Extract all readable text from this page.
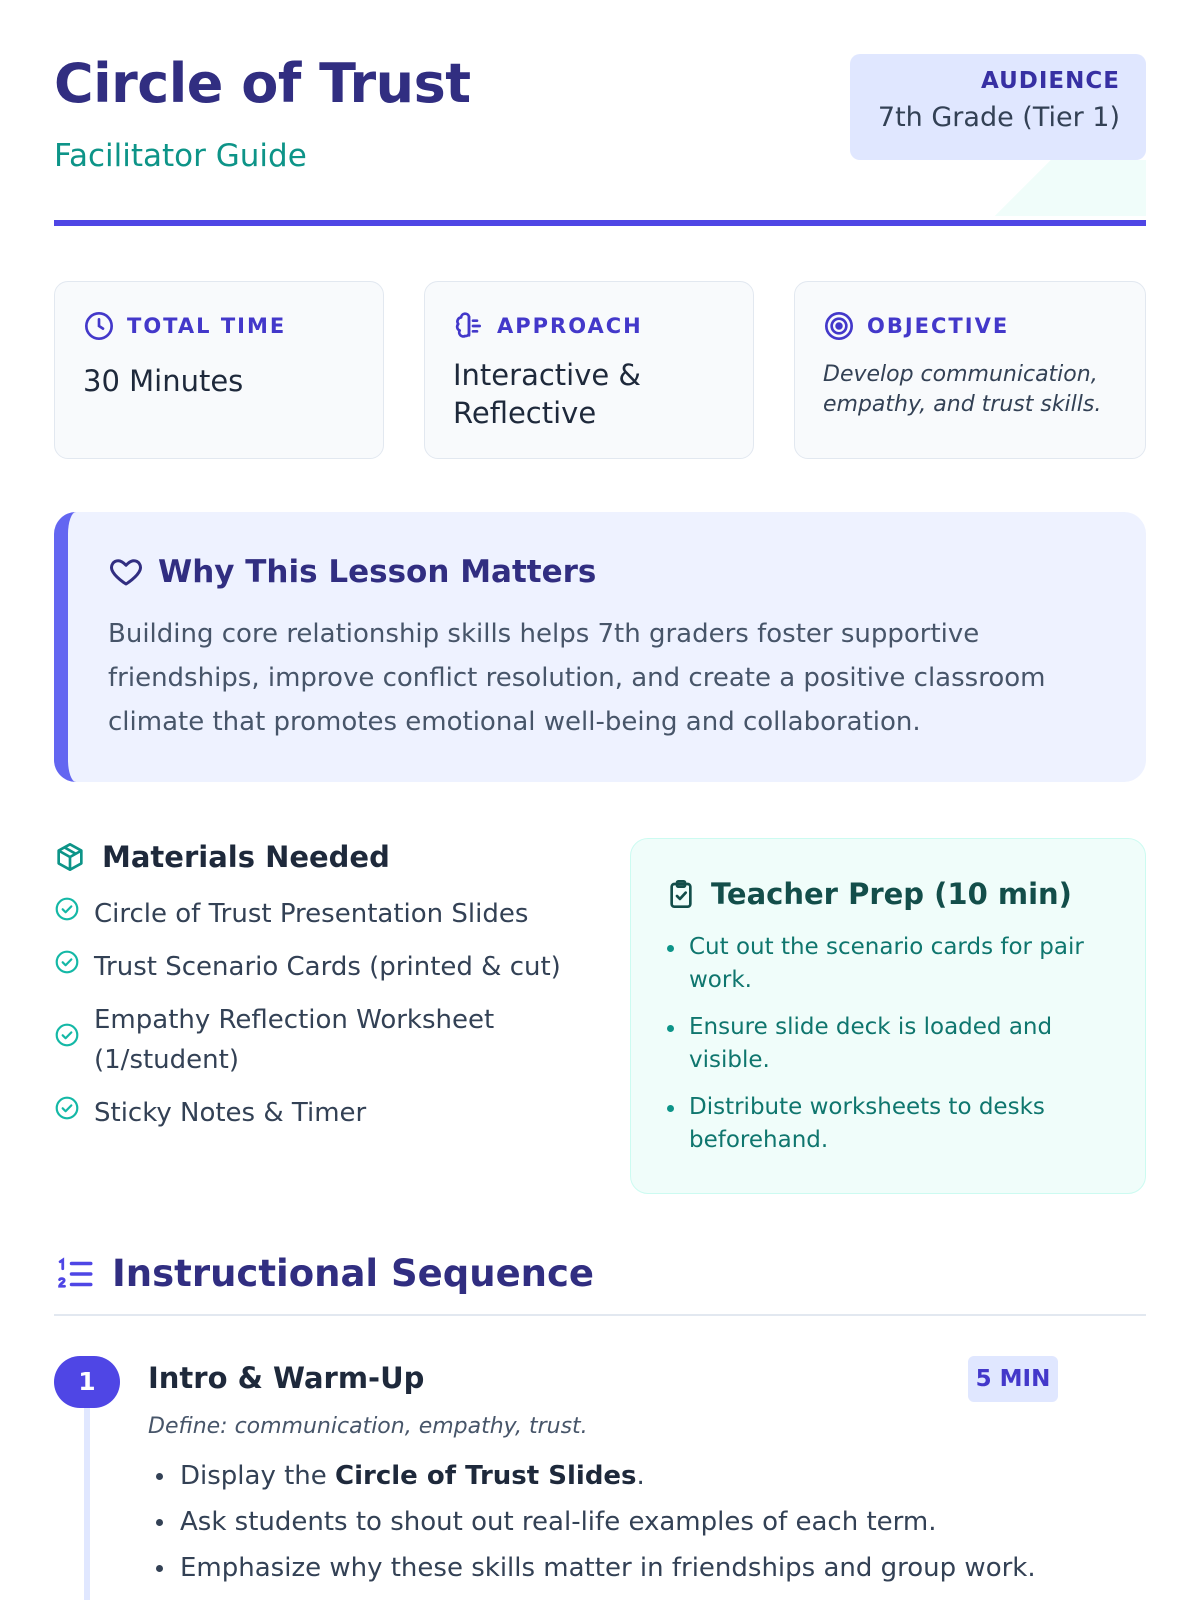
Circle of Trust
Facilitator Guide
AUDIENCE
7th Grade (Tier 1)
TOTAL TIME
30 Minutes
APPROACH
Interactive & Reflective
OBJECTIVE
Develop communication, empathy, and trust skills.
Why This Lesson Matters

Building core relationship skills helps 7th graders foster supportive friendships, improve conflict resolution, and create a positive classroom climate that promotes emotional well-being and collaboration.

Materials Needed
Circle of Trust Presentation Slides
Trust Scenario Cards (printed & cut)
Empathy Reflection Worksheet (1/student)
Sticky Notes & Timer
Teacher Prep (10 min)
Cut out the scenario cards for pair work.
Ensure slide deck is loaded and visible.
Distribute worksheets to desks beforehand.
Instructional Sequence
1	Intro & Warm-Up	5 MIN
Define: communication, empathy, trust.
Display the Circle of Trust Slides.
Ask students to shout out real-life examples of each term.
Emphasize why these skills matter in friendships and group work.
